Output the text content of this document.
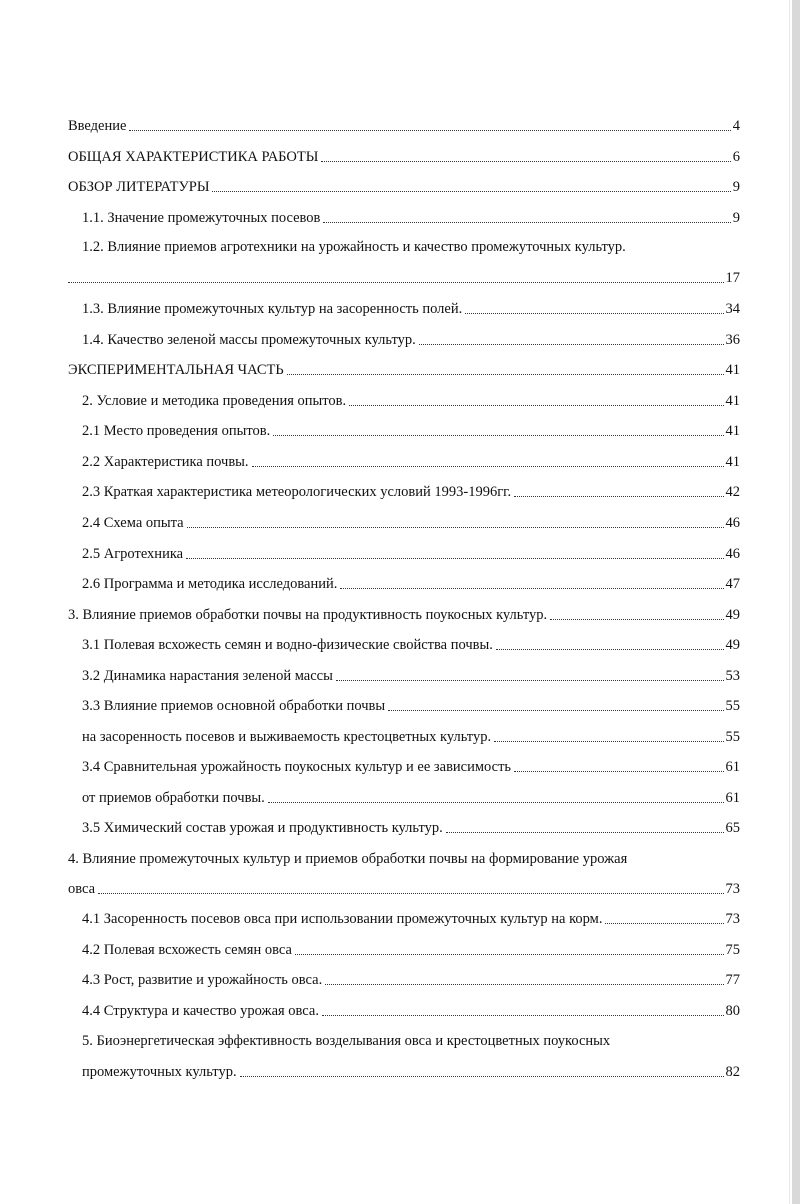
Введение	4
ОБЩАЯ ХАРАКТЕРИСТИКА РАБОТЫ	6
ОБЗОР ЛИТЕРАТУРЫ	9
1.1. Значение промежуточных посевов	9
1.2. Влияние приемов агротехники на урожайность и качество промежуточных культур.
17
1.3. Влияние промежуточных культур на засоренность полей.	34
1.4. Качество зеленой массы промежуточных культур.	36
ЭКСПЕРИМЕНТАЛЬНАЯ ЧАСТЬ	41
2. Условие и методика проведения опытов.	41
2.1 Место проведения опытов.	41
2.2 Характеристика почвы.	41
2.3 Краткая характеристика метеорологических условий 1993-1996гг.	42
2.4 Схема опыта	46
2.5 Агротехника	46
2.6 Программа и методика исследований.	47
3. Влияние приемов обработки почвы на продуктивность поукосных культур.	49
3.1 Полевая всхожесть семян и водно-физические свойства почвы.	49
3.2 Динамика нарастания зеленой массы	53
3.3 Влияние приемов основной обработки почвы	55
на засоренность посевов и выживаемость крестоцветных культур.	55
3.4 Сравнительная урожайность поукосных культур и ее зависимость	61
от приемов обработки почвы.	61
3.5 Химический состав урожая и продуктивность культур.	65
4. Влияние промежуточных культур и приемов обработки почвы на формирование урожая
овса	73
4.1 Засоренность посевов овса при использовании промежуточных культур на корм.	73
4.2 Полевая всхожесть семян овса	75
4.3 Рост, развитие и урожайность овса.	77
4.4 Структура и качество урожая овса.	80
5. Биоэнергетическая эффективность возделывания овса и крестоцветных поукосных
промежуточных культур.	82
